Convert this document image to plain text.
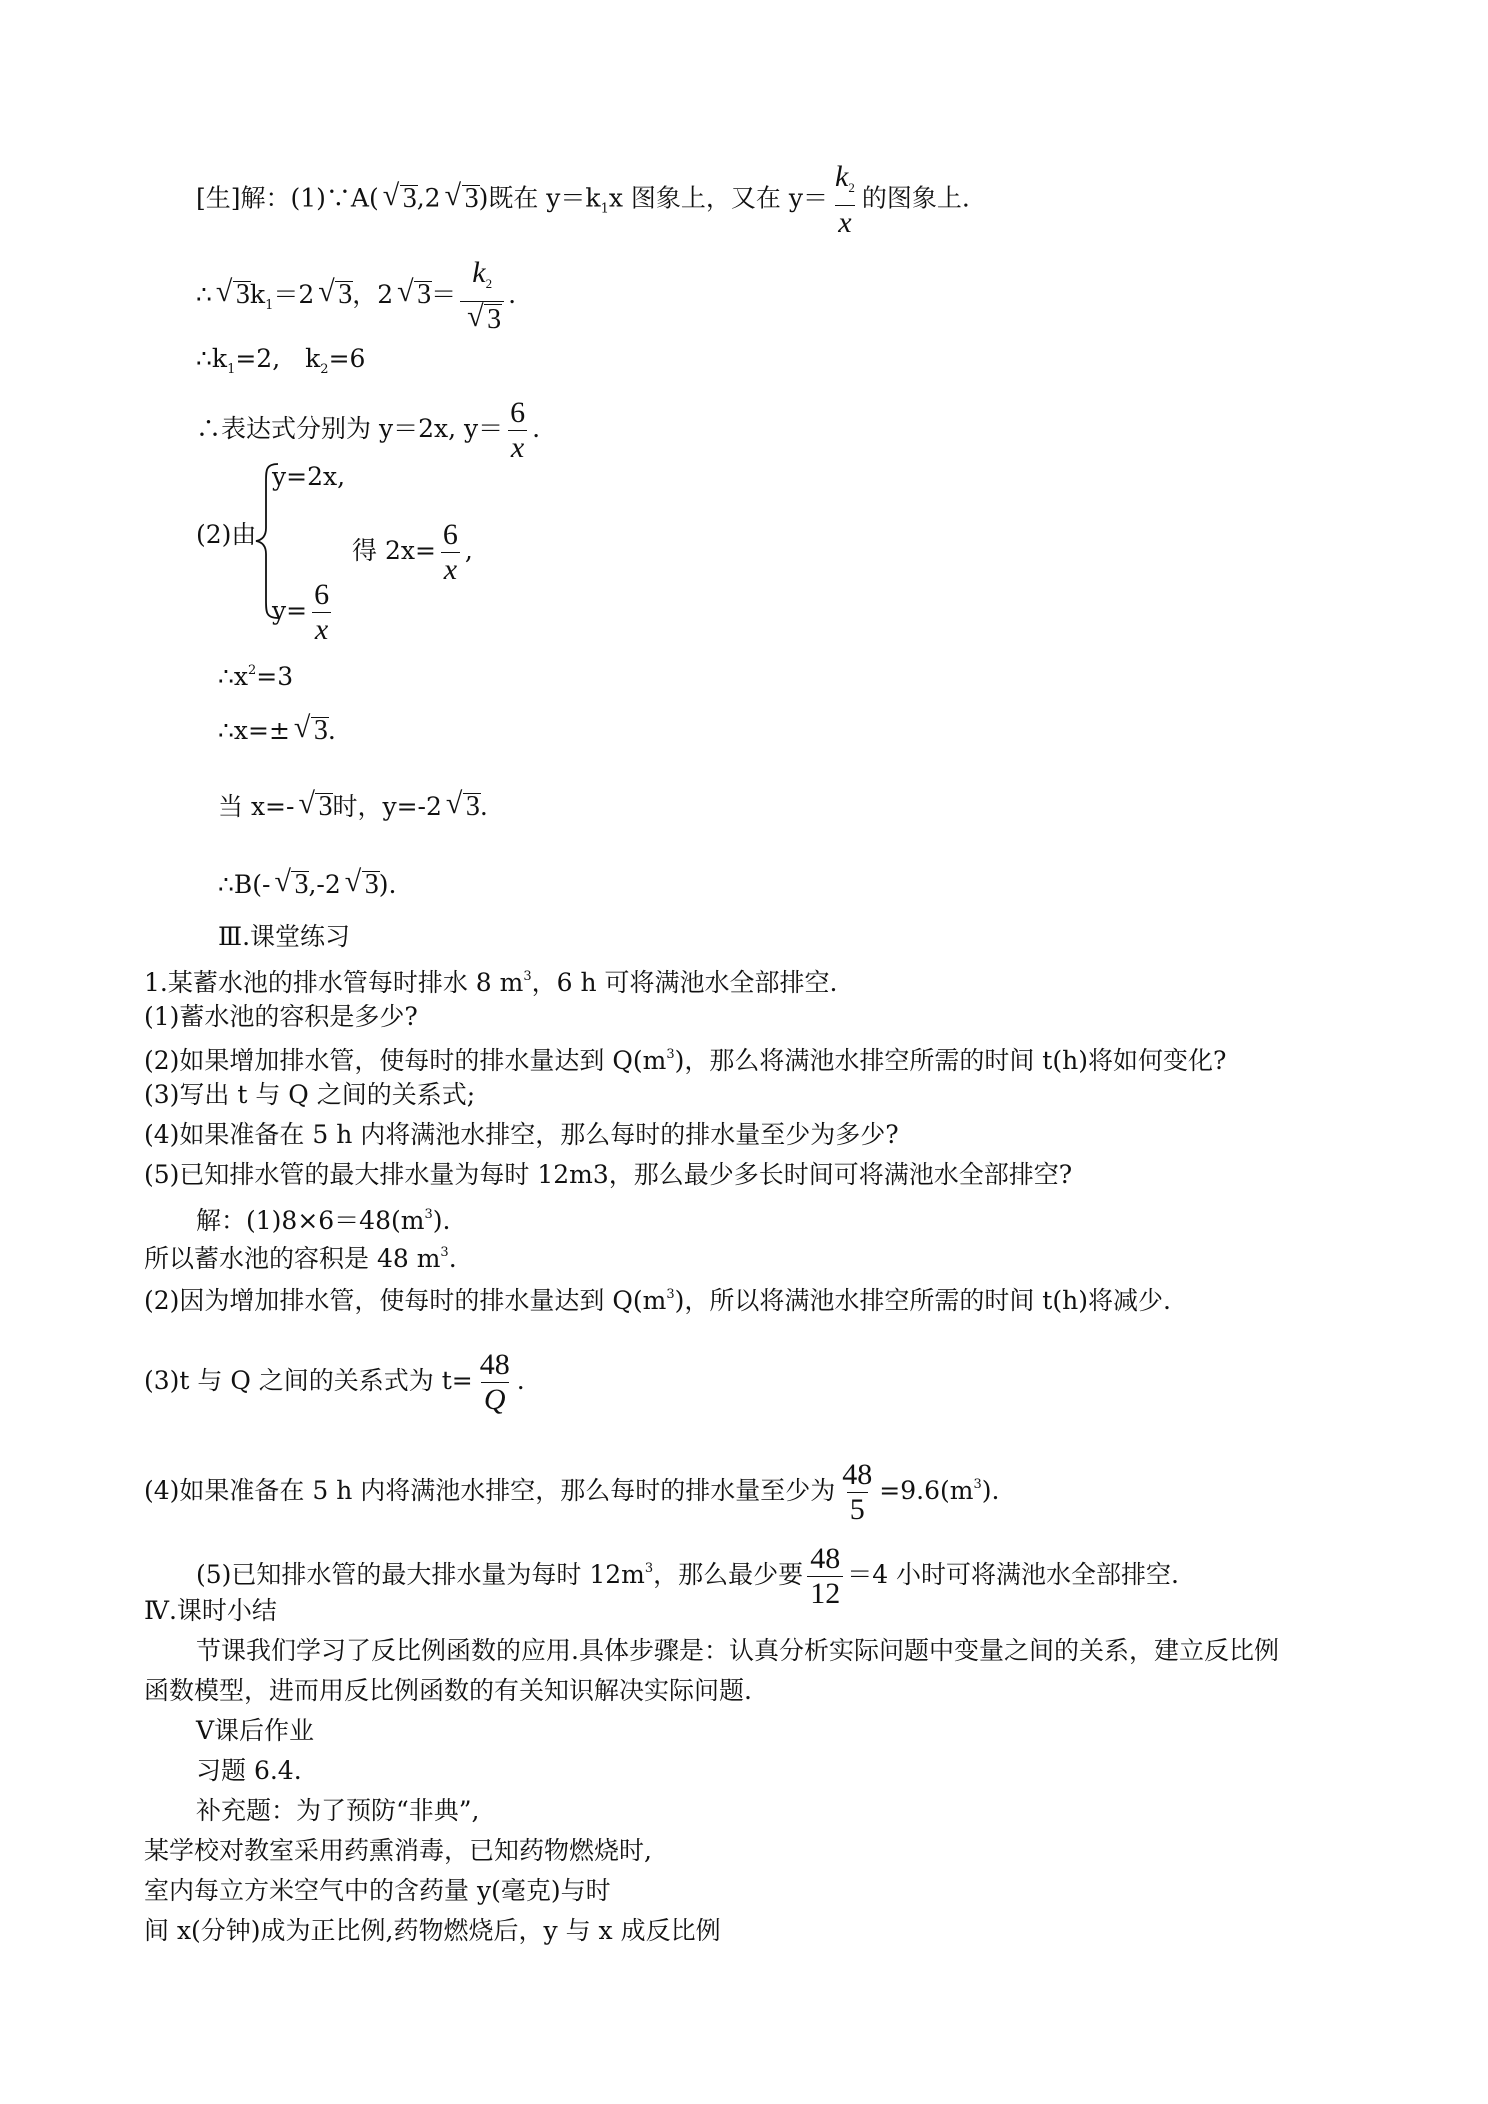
[生]解：(1)∵A(√ 3,2√ 3)既在 $y=k_1x$ 图象上，又在 $y= \frac{k_2}{x}$ 的图象上.
∴√ $3k_1=2√$ 3，2√ $3= k_2$
√ 3 .
$\therefore k_1=2$,　$k_2=6$
∴表达式分别为 y＝2x, $y= \frac{6}{x}$ .
(2)由
y=2x,
$y= \frac{6}{x}$
得 $2x= \frac{6}{x}$ ,
$\therefore x^2=3$
∴x=±√ 3.
当 x=-√ 3时，y=-2√ 3.
∴B(-√ 3,-2√ 3).
Ⅲ.课堂练习
1.某蓄水池的排水管每时排水 8 $m^3$，6 h 可将满池水全部排空.
(1)蓄水池的容积是多少?
(2)如果增加排水管，使每时的排水量达到 $Q(m^3)$，那么将满池水排空所需的时间 t(h)将如何变化?
(3)写出 t 与 Q 之间的关系式;
(4)如果准备在 5 h 内将满池水排空，那么每时的排水量至少为多少?
(5)已知排水管的最大排水量为每时 12m3，那么最少多长时间可将满池水全部排空?
解：$(1)8\times 6=48(m^3)$.
所以蓄水池的容积是 48 $m^3$.
(2)因为增加排水管，使每时的排水量达到 $Q(m^3)$，所以将满池水排空所需的时间 t(h)将减少.
(3)t 与 Q 之间的关系式为 $t= \frac{48}{Q}$ .
(4)如果准备在 5 h 内将满池水排空，那么每时的排水量至少为 $\frac{48}{5} =9.6(m^3)$.
(5)已知排水管的最大排水量为每时 $12m^3$，那么最少要 $\frac{48}{12} =4$ 小时可将满池水全部排空.
Ⅳ.课时小结
节课我们学习了反比例函数的应用.具体步骤是：认真分析实际问题中变量之间的关系，建立反比例
函数模型，进而用反比例函数的有关知识解决实际问题.
Ⅴ课后作业
习题 6.4.
补充题：为了预防“非典”,
某学校对教室采用药熏消毒，已知药物燃烧时,
室内每立方米空气中的含药量 y(毫克)与时
间 x(分钟)成为正比例,药物燃烧后，y 与 x 成反比例
